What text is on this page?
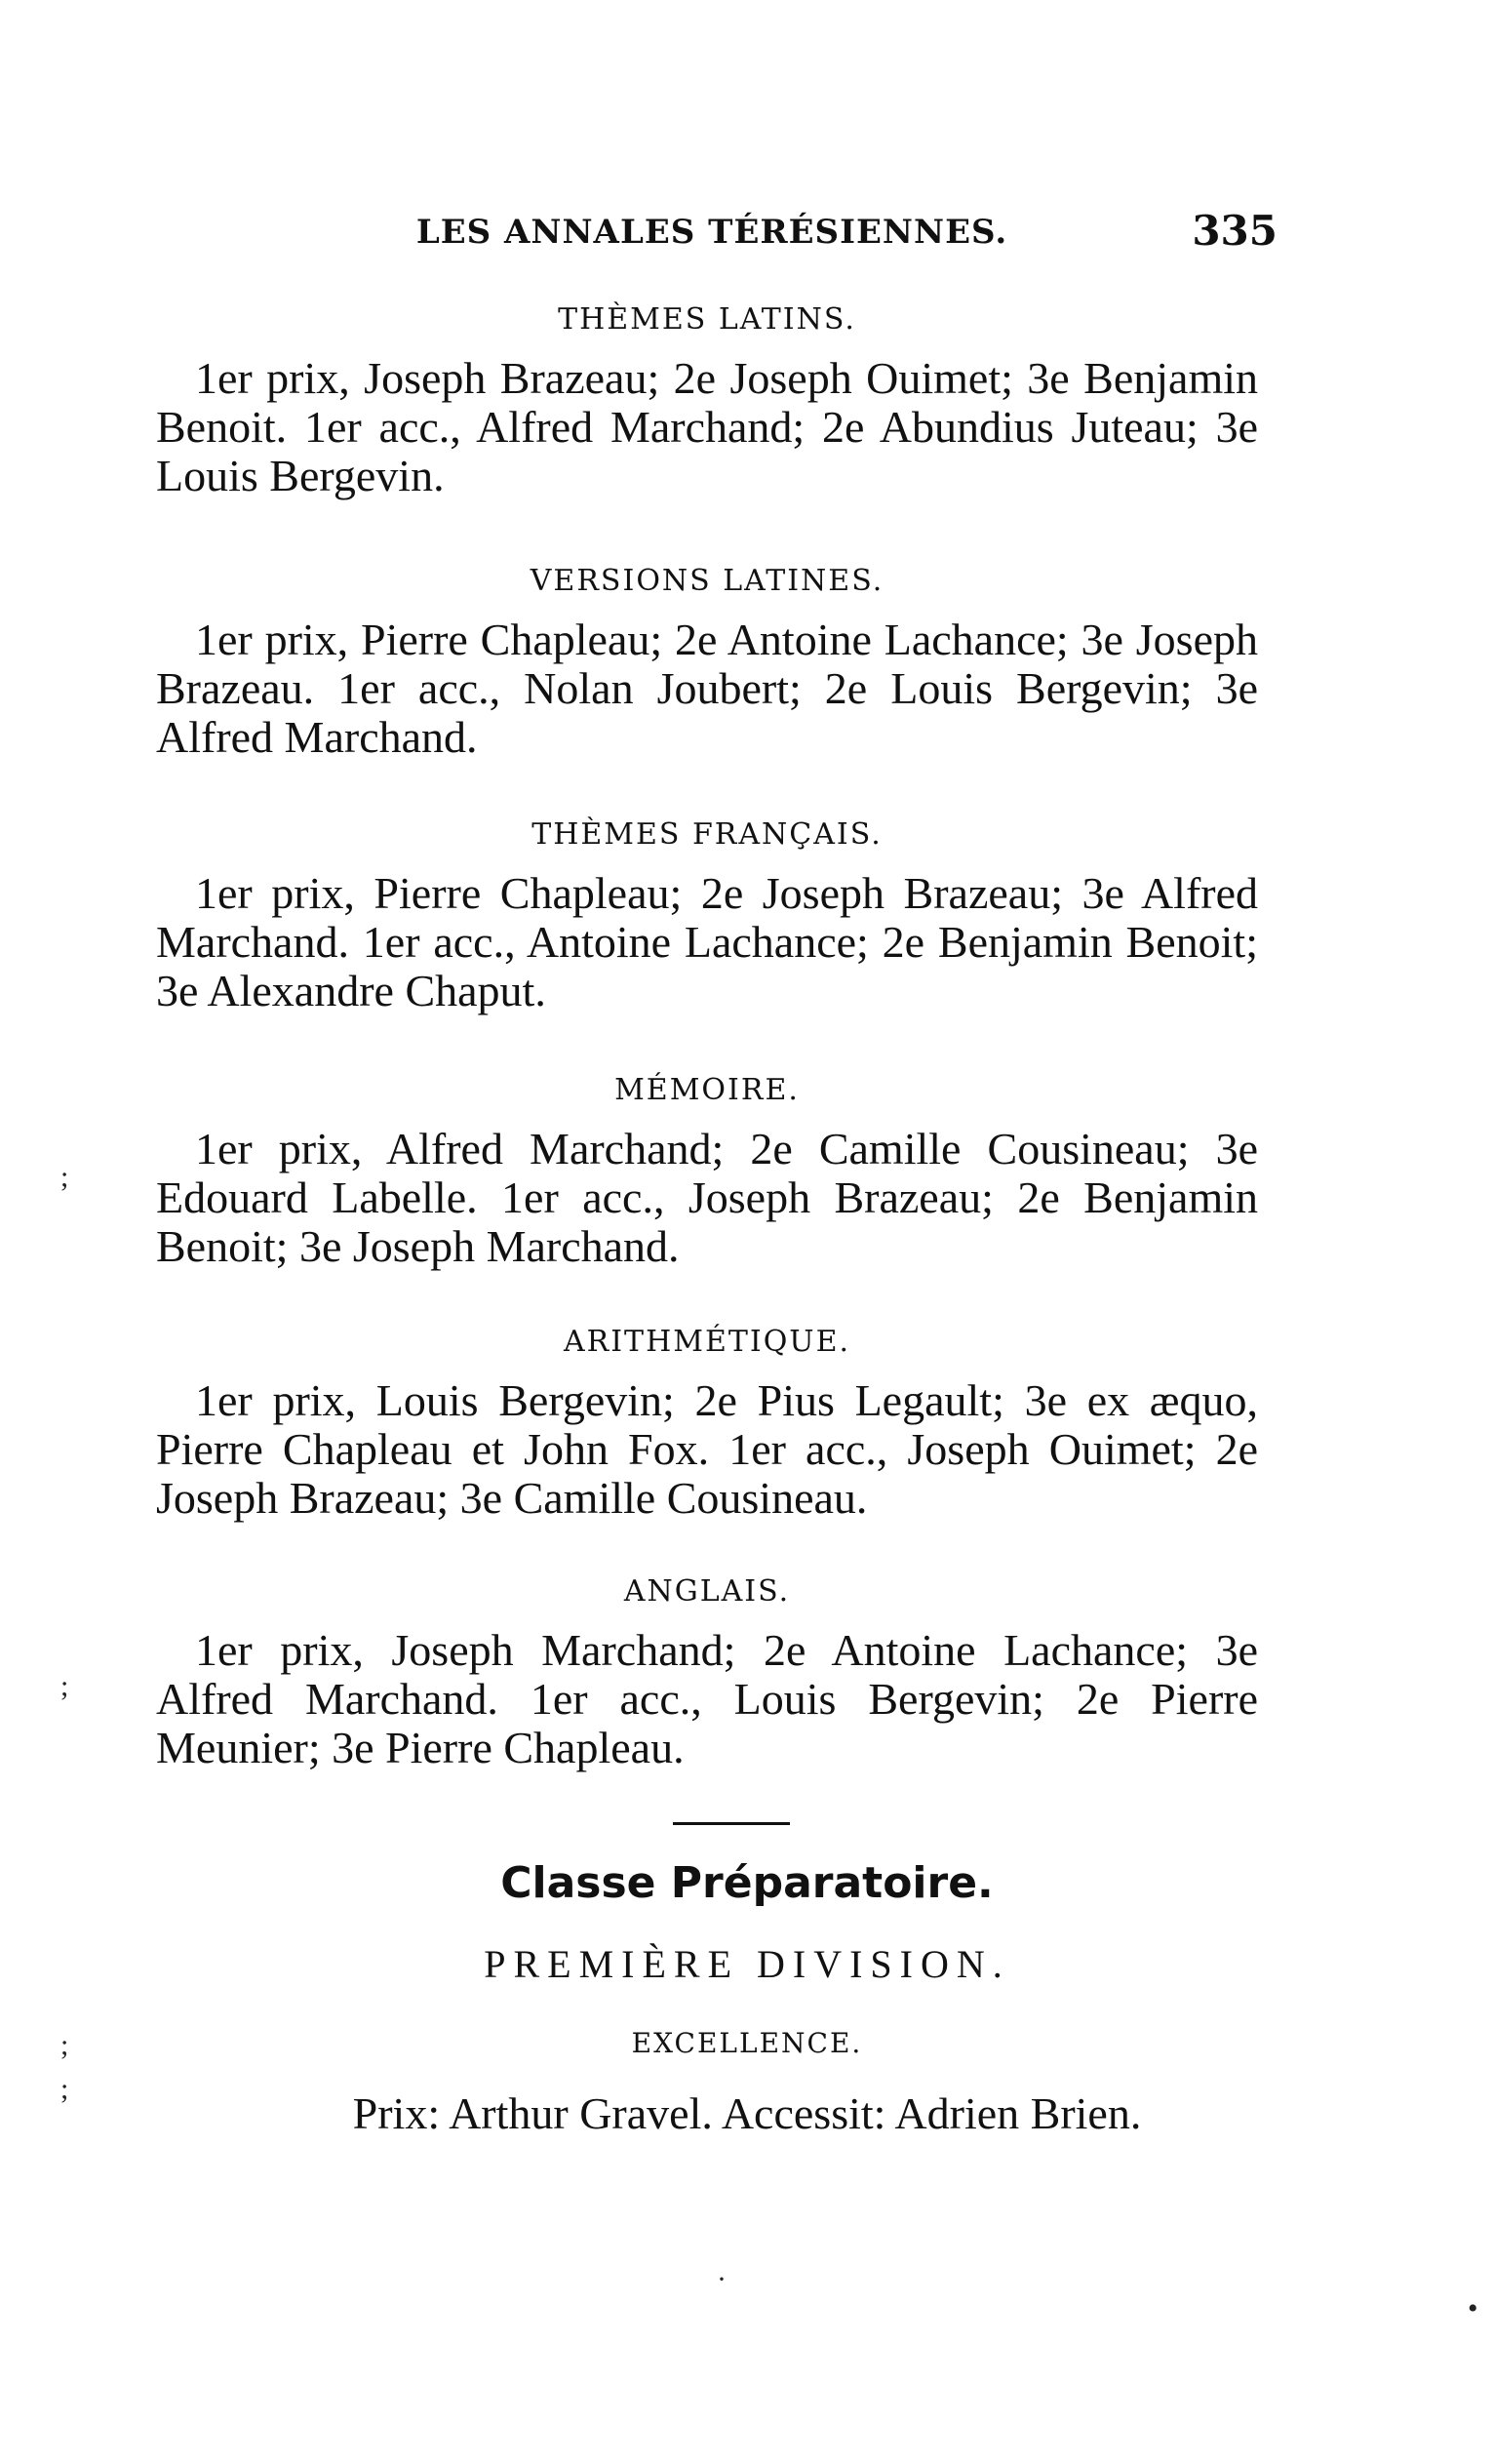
LES ANNALES TÉRÉSIENNES.	335
THÈMES LATINS.

1er prix, Joseph Brazeau; 2e Joseph Ouimet; 3e Benjamin Benoit. 1er acc., Alfred Marchand; 2e Abundius Juteau; 3e Louis Bergevin.

VERSIONS LATINES.

1er prix, Pierre Chapleau; 2e Antoine Lachance; 3e Joseph Brazeau. 1er acc., Nolan Joubert; 2e Louis Bergevin; 3e Alfred Marchand.

THÈMES FRANÇAIS.

1er prix, Pierre Chapleau; 2e Joseph Brazeau; 3e Alfred Marchand. 1er acc., Antoine Lachance; 2e Benjamin Benoit; 3e Alexandre Chaput.

MÉMOIRE.

1er prix, Alfred Marchand; 2e Camille Cousineau; 3e Edouard Labelle. 1er acc., Joseph Brazeau; 2e Benjamin Benoit; 3e Joseph Marchand.

ARITHMÉTIQUE.

1er prix, Louis Bergevin; 2e Pius Legault; 3e ex æquo, Pierre Chapleau et John Fox. 1er acc., Joseph Ouimet; 2e Joseph Brazeau; 3e Camille Cousineau.

ANGLAIS.

1er prix, Joseph Marchand; 2e Antoine Lachance; 3e Alfred Marchand. 1er acc., Louis Bergevin; 2e Pierre Meunier; 3e Pierre Chapleau.

Classe Préparatoire.
PREMIÈRE DIVISION.
EXCELLENCE.
Prix: Arthur Gravel. Accessit: Adrien Brien.
;
;
;
;
•
·
